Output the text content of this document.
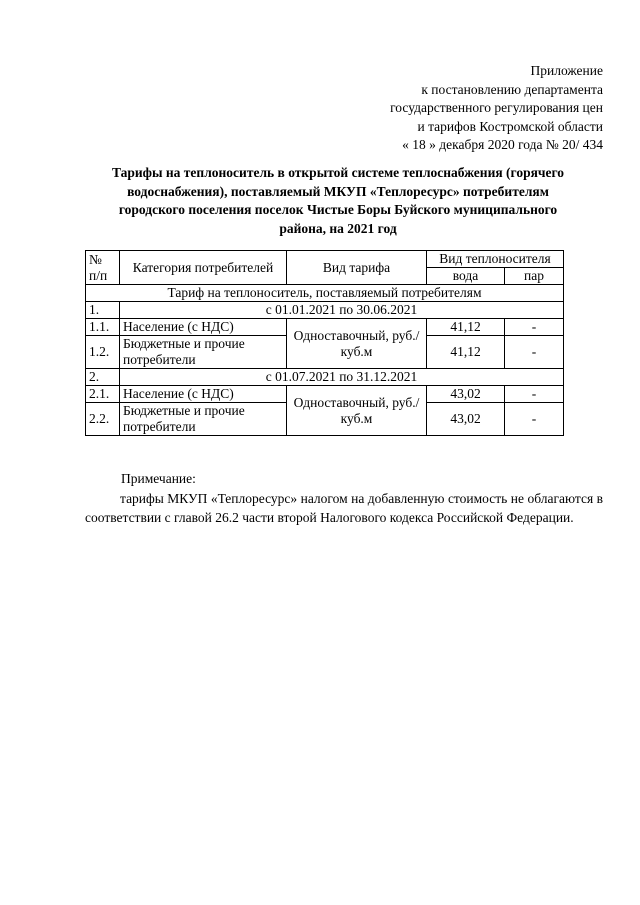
Приложение
к постановлению департамента
государственного регулирования цен
и тарифов Костромской области
« 18 » декабря 2020 года № 20/ 434
Тарифы на теплоноситель в открытой системе теплоснабжения (горячего
водоснабжения), поставляемый МКУП «Теплоресурс» потребителям
городского поселения поселок Чистые Боры Буйского муниципального
района, на 2021 год
№ п/п	Категория потребителей	Вид тарифа	Вид теплоносителя	
			вода	пар
Тариф на теплоноситель, поставляемый потребителям				
1.	с 01.01.2021 по 30.06.2021			
1.1.	Население (с НДС)	Одноставочный, руб./куб.м	41,12	-
1.2.	Бюджетные и прочие потребители		41,12	-
2.	с 01.07.2021 по 31.12.2021			
2.1.	Население (с НДС)	Одноставочный, руб./куб.м	43,02	-
2.2.	Бюджетные и прочие потребители		43,02	-
Примечание:
тарифы МКУП «Теплоресурс» налогом на добавленную стоимость не облагаются в соответствии с главой 26.2 части второй Налогового кодекса Российской Федерации.
